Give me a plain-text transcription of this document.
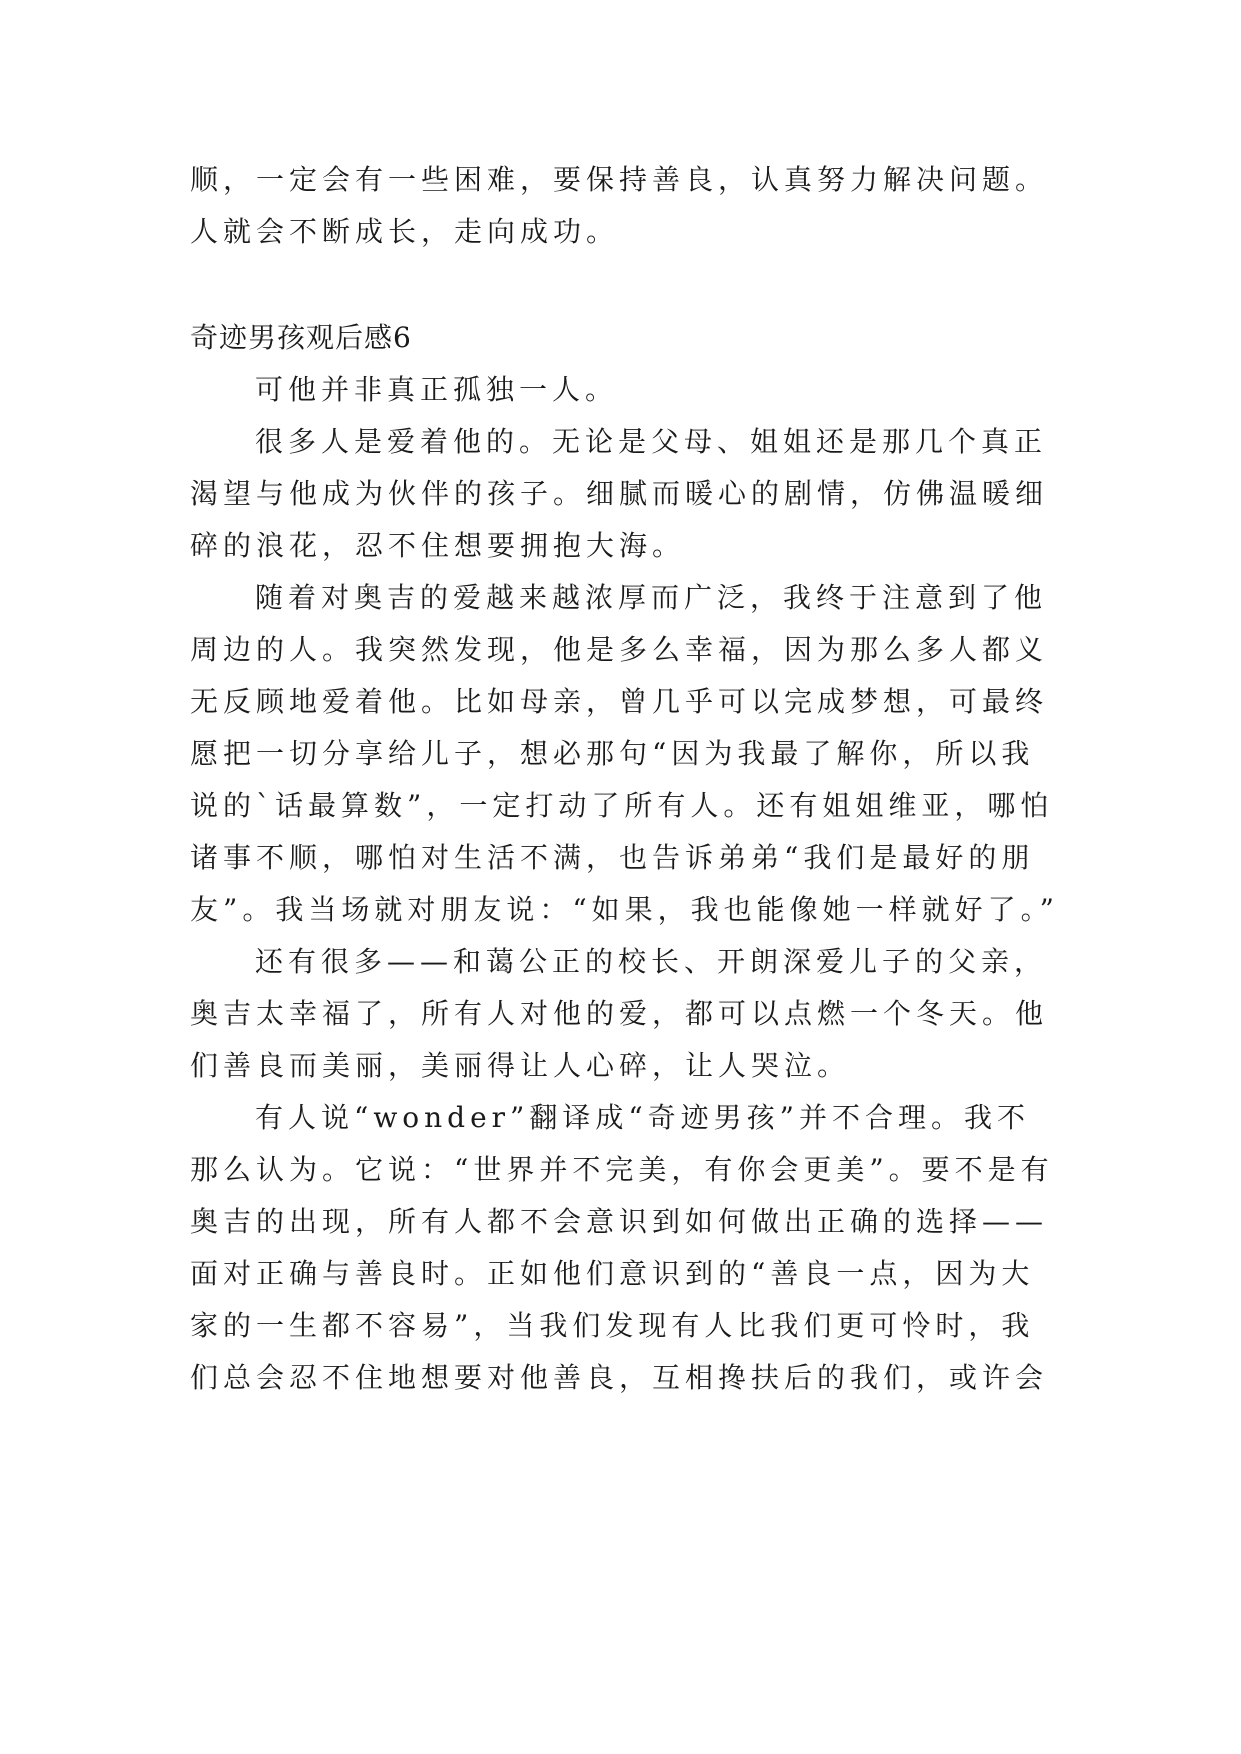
顺，一定会有一些困难，要保持善良，认真努力解决问题。
人就会不断成长，走向成功。
奇迹男孩观后感6
可他并非真正孤独一人。
很多人是爱着他的。无论是父母、姐姐还是那几个真正
渴望与他成为伙伴的孩子。细腻而暖心的剧情，仿佛温暖细
碎的浪花，忍不住想要拥抱大海。
随着对奥吉的爱越来越浓厚而广泛，我终于注意到了他
周边的人。我突然发现，他是多么幸福，因为那么多人都义
无反顾地爱着他。比如母亲，曾几乎可以完成梦想，可最终
愿把一切分享给儿子，想必那句“因为我最了解你，所以我
说的`话最算数”，一定打动了所有人。还有姐姐维亚，哪怕
诸事不顺，哪怕对生活不满，也告诉弟弟“我们是最好的朋
友”。我当场就对朋友说：“如果，我也能像她一样就好了。”
还有很多——和蔼公正的校长、开朗深爱儿子的父亲，
奥吉太幸福了，所有人对他的爱，都可以点燃一个冬天。他
们善良而美丽，美丽得让人心碎，让人哭泣。
有人说“wonder”翻译成“奇迹男孩”并不合理。我不
那么认为。它说：“世界并不完美，有你会更美”。要不是有
奥吉的出现，所有人都不会意识到如何做出正确的选择——
面对正确与善良时。正如他们意识到的“善良一点，因为大
家的一生都不容易”，当我们发现有人比我们更可怜时，我
们总会忍不住地想要对他善良，互相搀扶后的我们，或许会
